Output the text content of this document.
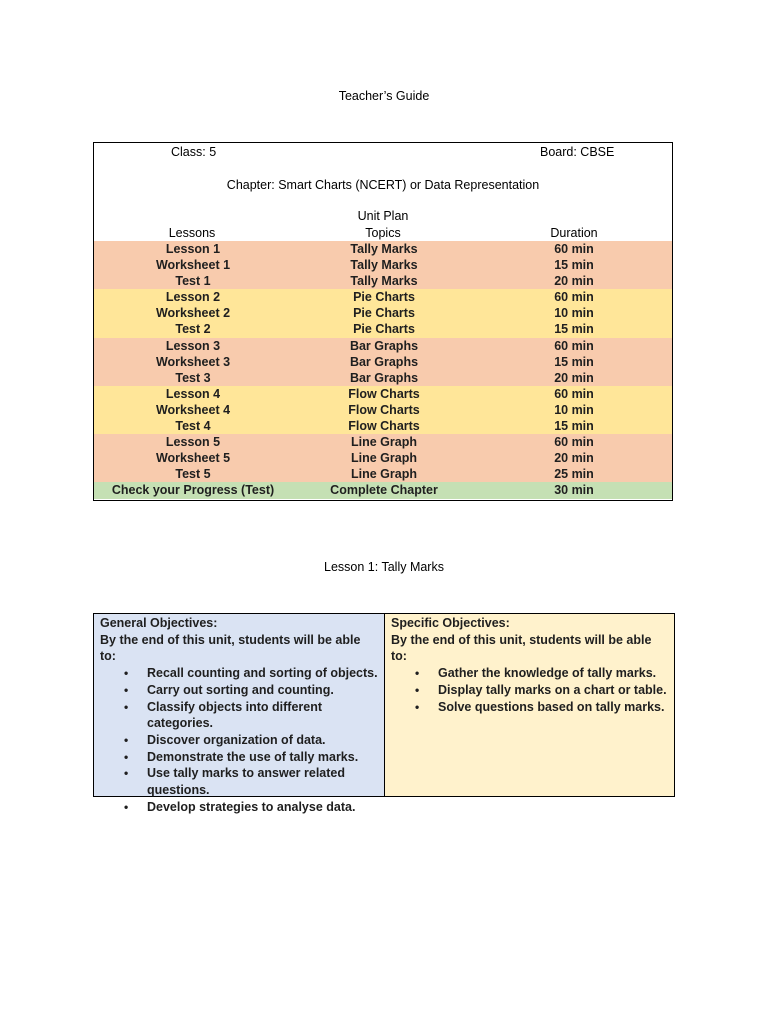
Teacher’s Guide
Class: 5	Board: CBSE
Chapter: Smart Charts (NCERT) or Data Representation
Unit Plan
Lessons	Topics	Duration
Lesson 1	Tally Marks	60 min
Worksheet 1	Tally Marks	15 min
Test 1	Tally Marks	20 min
Lesson 2	Pie Charts	60 min
Worksheet 2	Pie Charts	10 min
Test 2	Pie Charts	15 min
Lesson 3	Bar Graphs	60 min
Worksheet 3	Bar Graphs	15 min
Test 3	Bar Graphs	20 min
Lesson 4	Flow Charts	60 min
Worksheet 4	Flow Charts	10 min
Test 4	Flow Charts	15 min
Lesson 5	Line Graph	60 min
Worksheet 5	Line Graph	20 min
Test 5	Line Graph	25 min
Check your Progress (Test)	Complete Chapter	30 min
Lesson 1: Tally Marks
General Objectives:
By the end of this unit, students will be able to:
• Recall counting and sorting of objects.
• Carry out sorting and counting.
• Classify objects into different categories.
• Discover organization of data.
• Demonstrate the use of tally marks.
• Use tally marks to answer related questions.
• Develop strategies to analyse data.
Specific Objectives:
By the end of this unit, students will be able to:
• Gather the knowledge of tally marks.
• Display tally marks on a chart or table.
• Solve questions based on tally marks.
